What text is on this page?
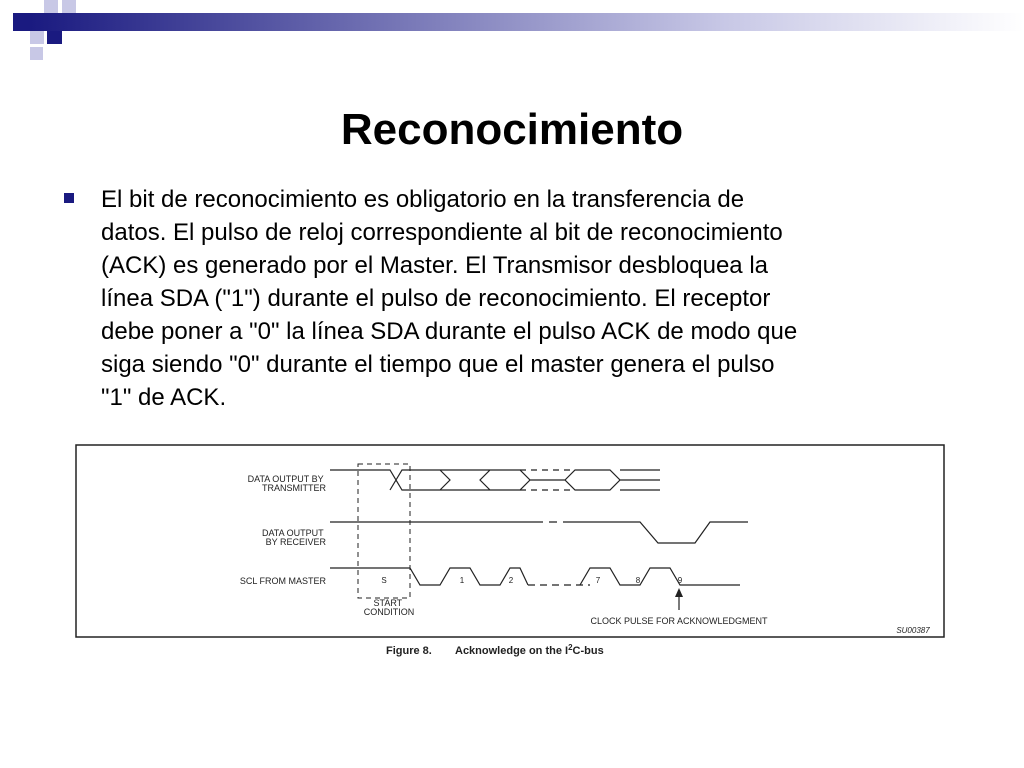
Reconocimiento
El bit de reconocimiento es obligatorio en la transferencia de
datos. El pulso de reloj correspondiente al bit de reconocimiento
(ACK) es generado por el Master. El Transmisor desbloquea la
línea SDA ("1") durante el pulso de reconocimiento. El receptor
debe poner a "0" la línea SDA durante el pulso ACK de modo que
siga siendo "0" durante el tiempo que el master genera el pulso
"1" de ACK.
DATA OUTPUT BY TRANSMITTER
DATA OUTPUT BY RECEIVER
SCL FROM MASTER	S	1	2	7	8	9
START CONDITION
CLOCK PULSE FOR ACKNOWLEDGMENT
SU00387
Figure 8. Acknowledge on the $I^2C$-bus
